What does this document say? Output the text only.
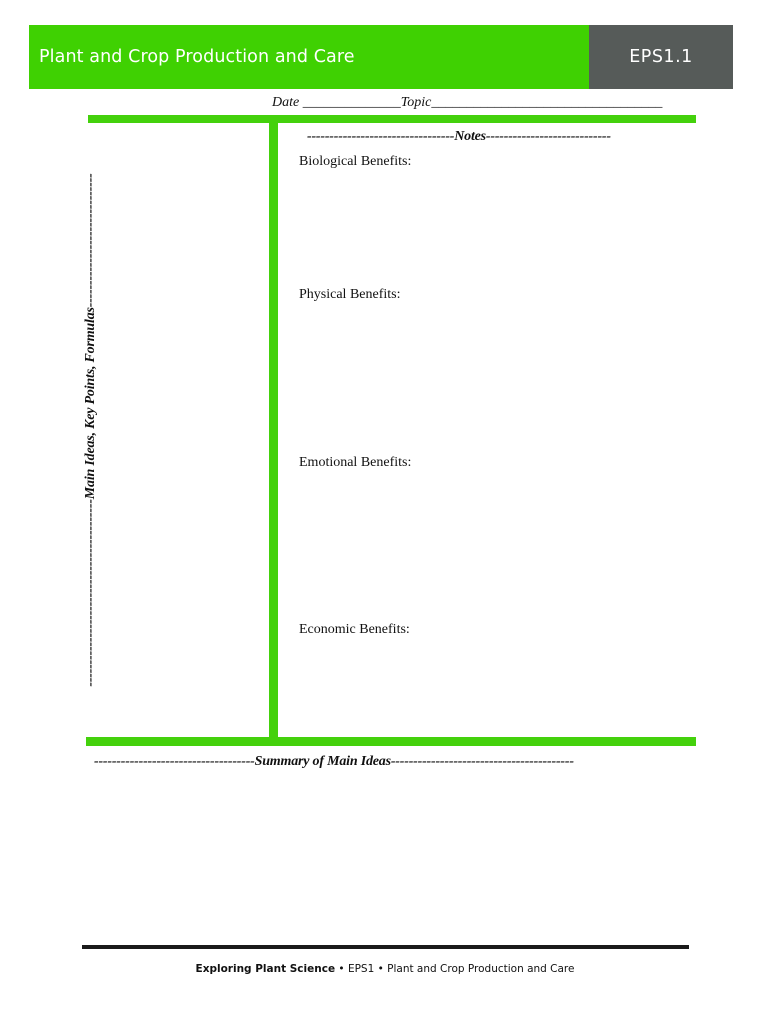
Plant and Crop Production and Care	EPS1.1
Date ______________Topic_________________________________
------------------------------------------Main Ideas, Key Points, Formulas------------------------------
---------------------------------Notes----------------------------
Biological Benefits:
Physical Benefits:
Emotional Benefits:
Economic Benefits:
------------------------------------Summary of Main Ideas-----------------------------------------
Exploring Plant Science • EPS1 • Plant and Crop Production and Care
